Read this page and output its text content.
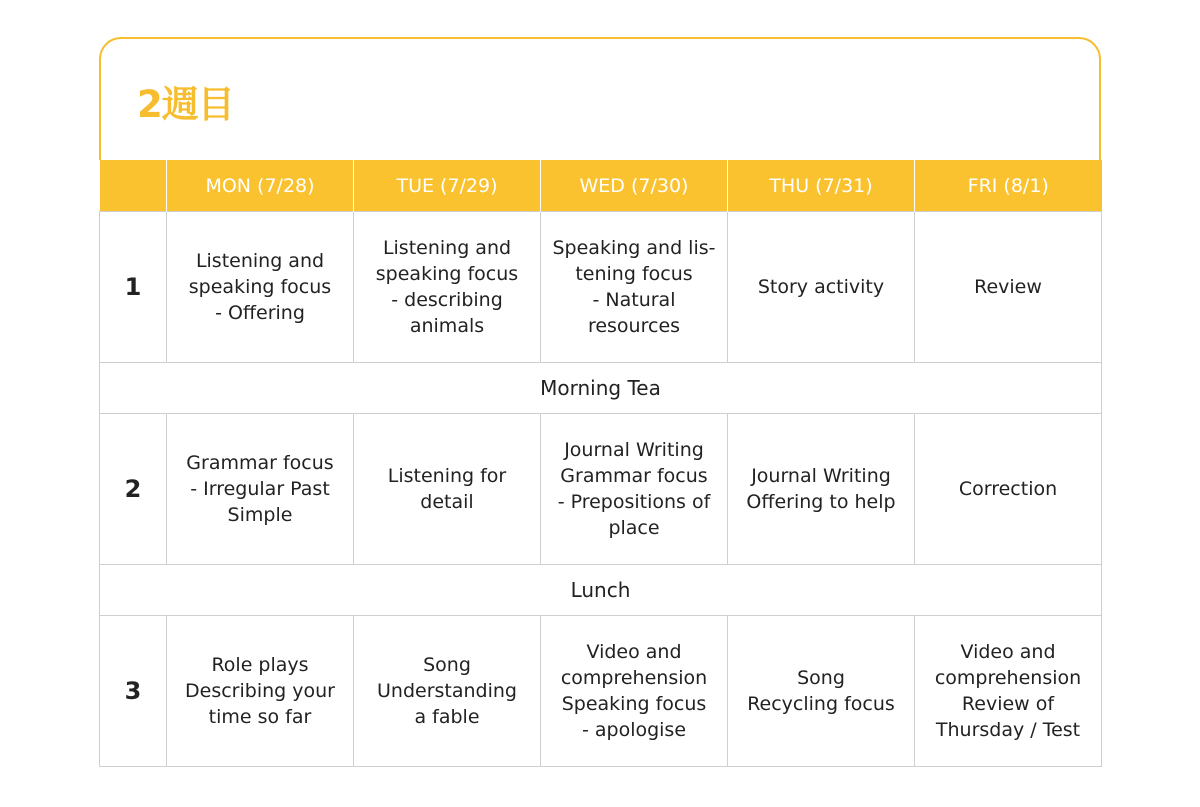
2週目
	MON (7/28)	TUE (7/29)	WED (7/30)	THU (7/31)	FRI (8/1)
1	Listening and
speaking focus
- Offering	Listening and
speaking focus
- describing
animals	Speaking and lis-
tening focus
- Natural
resources	Story activity	Review

Morning Tea					
2	Grammar focus
- Irregular Past
Simple	Listening for
detail	Journal Writing
Grammar focus
- Prepositions of
place	Journal Writing
Offering to help	Correction

Lunch					
3	Role plays
Describing your
time so far	Song
Understanding
a fable	Video and
comprehension
Speaking focus
- apologise	Song
Recycling focus	Video and
comprehension
Review of
Thursday / Test
